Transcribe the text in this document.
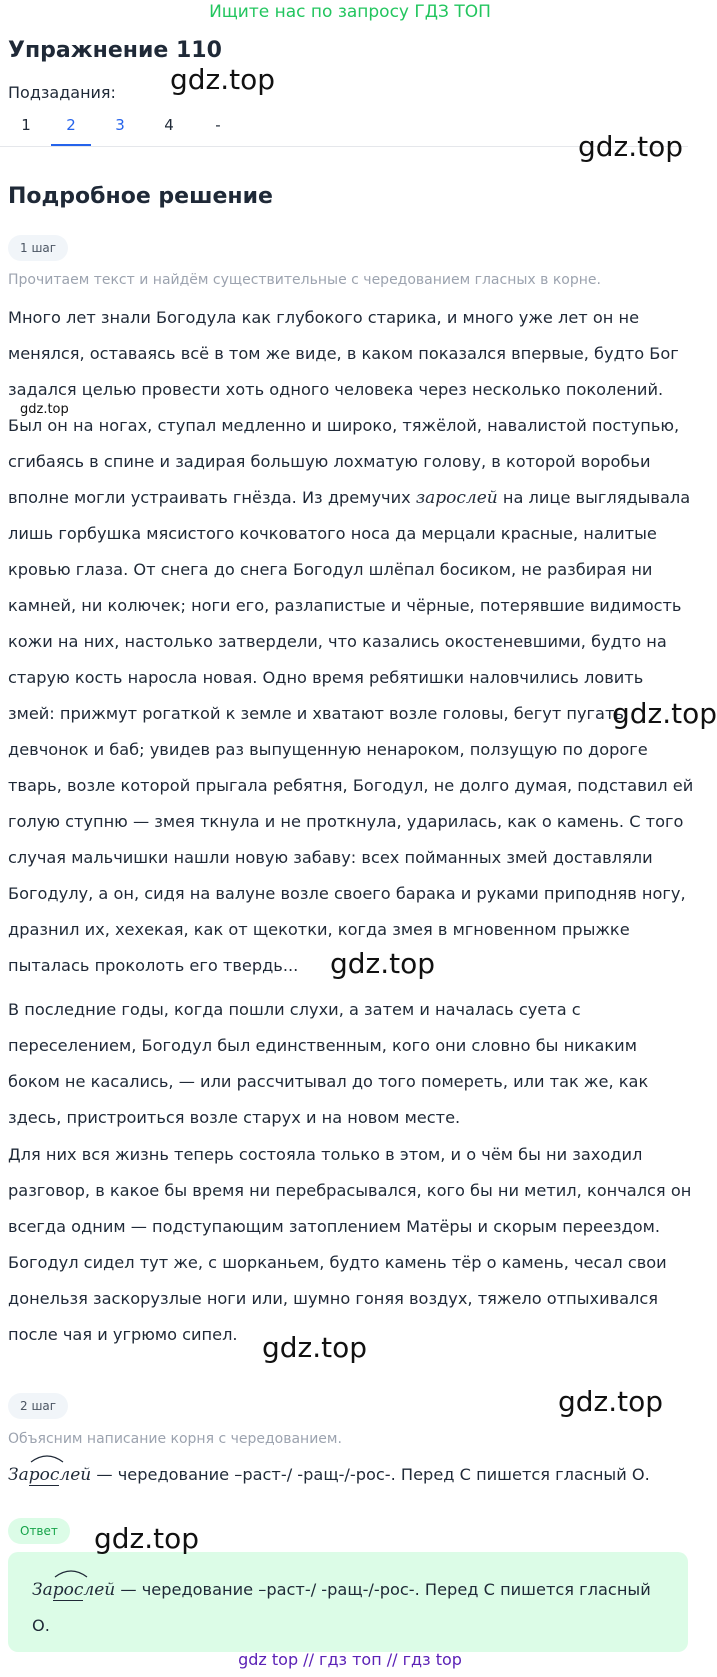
Ищите нас по запросу ГДЗ ТОП
Упражнение 110
Подзадания:
1	2	3	4	-
Подробное решение
1 шаг
Прочитаем текст и найдём существительные с чередованием гласных в корне.

Много лет знали Богодула как глубокого старика, и много уже лет он не

менялся, оставаясь всё в том же виде, в каком показался впервые, будто Бог

задался целью провести хоть одного человека через несколько поколений.

Был он на ногах, ступал медленно и широко, тяжёлой, навалистой поступью,

сгибаясь в спине и задирая большую лохматую голову, в которой воробьи

вполне могли устраивать гнёзда. Из дремучих зарослей на лице выглядывала

лишь горбушка мясистого кочковатого носа да мерцали красные, налитые

кровью глаза. От снега до снега Богодул шлёпал босиком, не разбирая ни

камней, ни колючек; ноги его, разлапистые и чёрные, потерявшие видимость

кожи на них, настолько затвердели, что казались окостеневшими, будто на

старую кость наросла новая. Одно время ребятишки наловчились ловить

змей: прижмут рогаткой к земле и хватают возле головы, бегут пугать

девчонок и баб; увидев раз выпущенную ненароком, ползущую по дороге

тварь, возле которой прыгала ребятня, Богодул, не долго думая, подставил ей

голую ступню — змея ткнула и не проткнула, ударилась, как о камень. С того

случая мальчишки нашли новую забаву: всех пойманных змей доставляли

Богодулу, а он, сидя на валуне возле своего барака и руками приподняв ногу,

дразнил их, хехекая, как от щекотки, когда змея в мгновенном прыжке

пыталась проколоть его твердь...

В последние годы, когда пошли слухи, а затем и началась суета с

переселением, Богодул был единственным, кого они словно бы никаким

боком не касались, — или рассчитывал до того помереть, или так же, как

здесь, пристроиться возле старух и на новом месте.

Для них вся жизнь теперь состояла только в этом, и о чём бы ни заходил

разговор, в какое бы время ни перебрасывался, кого бы ни метил, кончался он

всегда одним — подступающим затоплением Матёры и скорым переездом.

Богодул сидел тут же, с шорканьем, будто камень тёр о камень, чесал свои

донельзя заскорузлые ноги или, шумно гоняя воздух, тяжело отпыхивался

после чая и угрюмо сипел.

2 шаг
Объясним написание корня с чередованием.

За
рослей — чередование –раст-/ -ращ-/-рос-. Перед С пишется гласный О.

Ответ
За
рослей — чередование –раст-/ -ращ-/-рос-. Перед С пишется гласный
О.
gdz.top
gdz.top
gdz.top
gdz.top
gdz.top
gdz.top
gdz.top
gdz.top
gdz top // гдз топ // гдз top
